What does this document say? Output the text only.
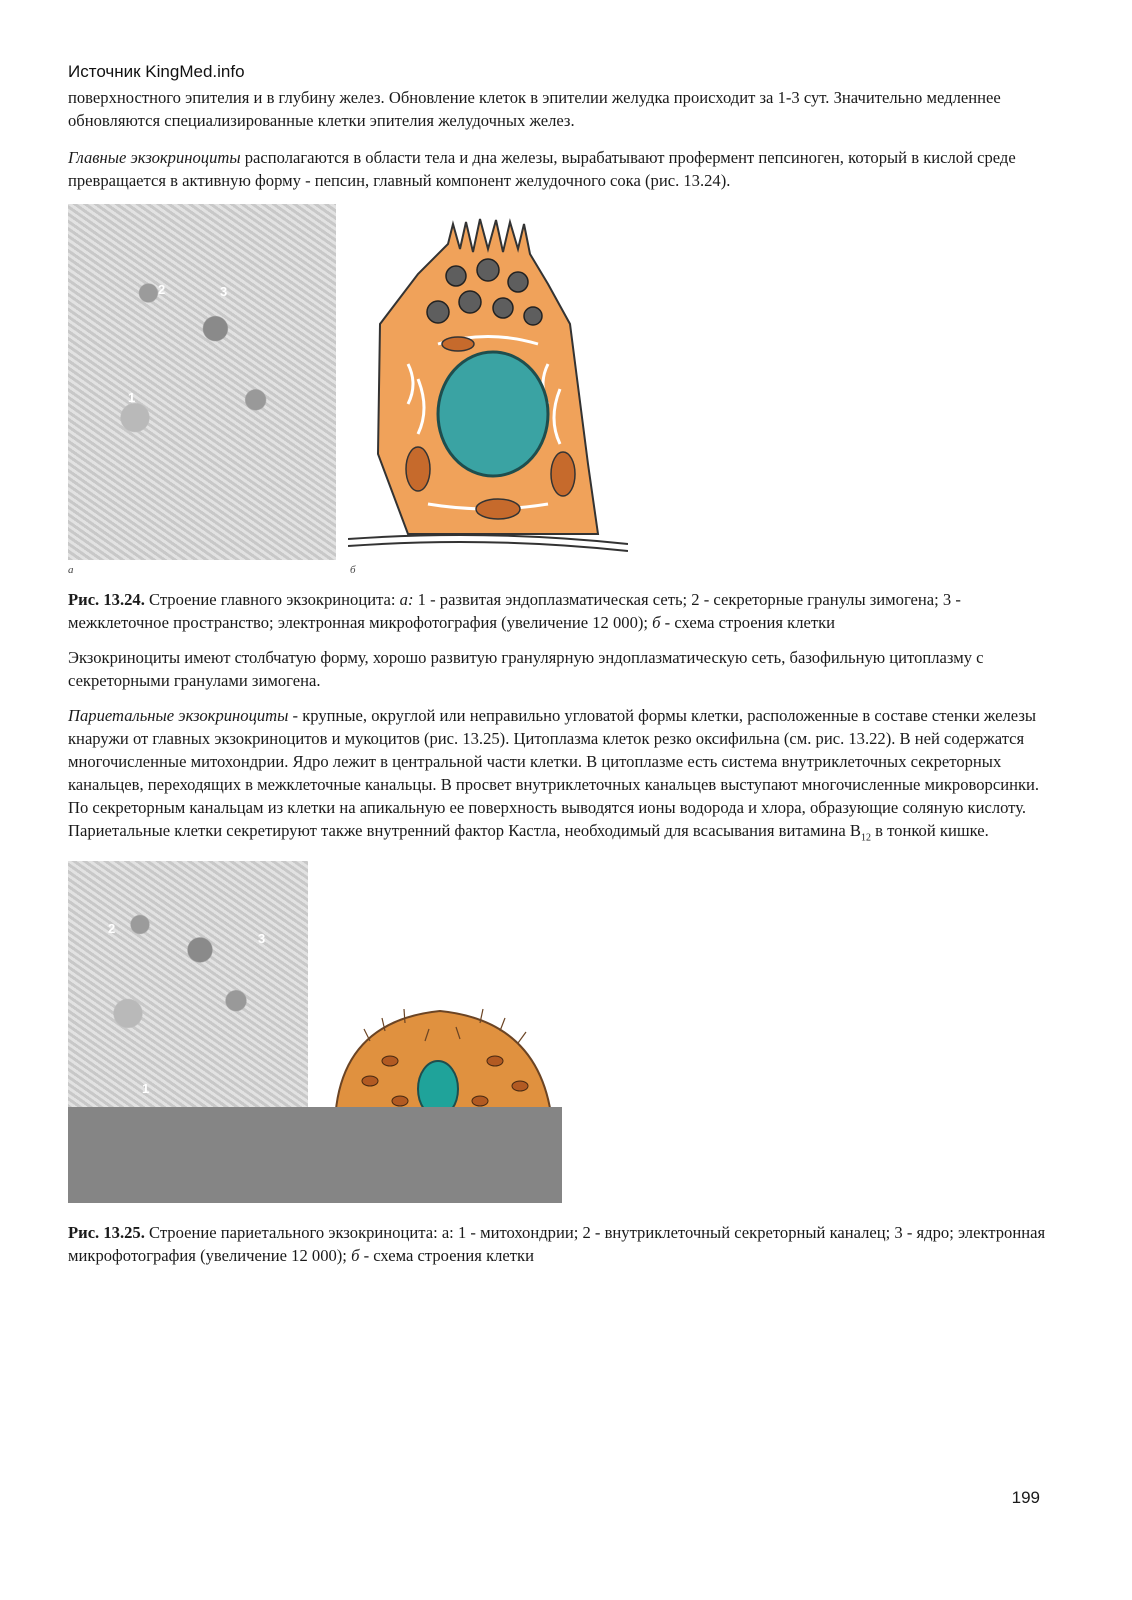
Источник KingMed.info

поверхностного эпителия и в глубину желез. Обновление клеток в эпителии желудка происходит за 1-3 сут. Значительно медленнее обновляются специализированные клетки эпителия желудочных желез.

Главные экзокриноциты располагаются в области тела и дна железы, вырабатывают профермент пепсиноген, который в кислой среде превращается в активную форму - пепсин, главный компонент желудочного сока (рис. 13.24).

2	3
1
а	б

Рис. 13.24. Строение главного экзокриноцита: а: 1 - развитая эндоплазматическая сеть; 2 - секреторные гранулы зимогена; 3 - межклеточное пространство; электронная микрофотография (увеличение 12 000); б - схема строения клетки

Экзокриноциты имеют столбчатую форму, хорошо развитую гранулярную эндоплазматическую сеть, базофильную цитоплазму с секреторными гранулами зимогена.

Париетальные экзокриноциты - крупные, округлой или неправильно угловатой формы клетки, расположенные в составе стенки железы кнаружи от главных экзокриноцитов и мукоцитов (рис. 13.25). Цитоплазма клеток резко оксифильна (см. рис. 13.22). В ней содержатся многочисленные митохондрии. Ядро лежит в центральной части клетки. В цитоплазме есть система внутриклеточных секреторных канальцев, переходящих в межклеточные канальцы. В просвет внутриклеточных канальцев выступают многочисленные микроворсинки. По секреторным канальцам из клетки на апикальную ее поверхность выводятся ионы водорода и хлора, образующие соляную кислоту. Париетальные клетки секретируют также внутренний фактор Кастла, необходимый для всасывания витамина $B_{12}$ в тонкой кишке.

2
3
1

Рис. 13.25. Строение париетального экзокриноцита: а: 1 - митохондрии; 2 - внутриклеточный секреторный каналец; 3 - ядро; электронная микрофотография (увеличение 12 000); б - схема строения клетки

199
